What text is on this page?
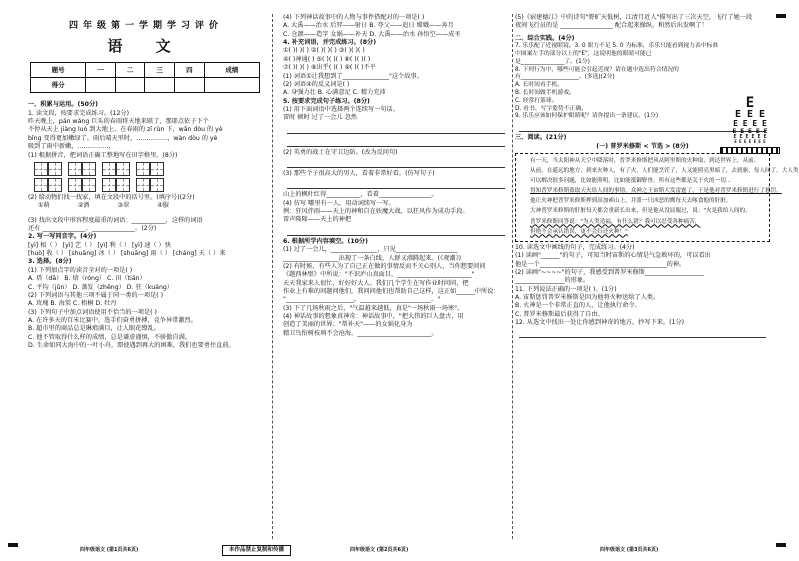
四年级第一学期学习评价
语 文
题号	一	二	三	四	成绩
得分					
一、积累与运用。(50分)
1. 读文段，按要求完成练习。(12分)
昨天晚上，pán wáng 巨头的春雨将天地来联了，那耶点依子下个
不停从天上 jiàng luò 到大地上。在春雨的 zī rùn 下，wān dòu 的 yè
bǐng 变得更加嫩绿了。雨后晴天里时，……………，wàn dòu 的 yè
吸到了雨中新嫩，……………，
(1) 根据拼音，把词语正确工整地写在田字格里。(8分)
(2) 给动物们找一找家，填在文段中的括号里。(填序号)(2分)
①萌	②洒	③翠	④服
(3) 找出文段中形容程度最重的词语：___________，这样的词语
还有 ______________、______________。(2分)
2. 写一写同音字。(4分)
[yì] 相（ ） [yì] 艺（ ） [yì] 利（ ） [yì] 速（ ）快
[huò] 收（ ） [shuāng] 冰（ ） [shuāng] 雨（ ） [cháng] 天（ ）来
3. 选择。(8分)
(1) 下列加点字的读音全对的一项是( )
A. 塔（dā） B. 熔（róng） C. 田（tián）
C. 平均（jūn） D. 蒸发（zhēng） D. 狂（kuáng）
(2) 下列词语与其他三项不属于同一类的一项是( )
A. 玫瑰 B. 海棠 C. 梧桐 D. 牡丹
(3) 下列句子中加点词语使用不恰当的一项是( )
A. 在许多天的百米比赛中，选手们奋勇拼搏，竞争异常激烈。
B. 超市里的商品总是琳琅满目，让人眼花缭乱。
C. 他不管取得什么样的成绩，总是谦虚谨慎，不骄傲自满。
D. 生命如同大海中的一叶小舟，即使遇到再大的困难，我们也要勇往直前。
(4) 下列神话故事中的人物与事件搭配对的一项是( )
A. 大禹——治水 后羿——射日 B. 夸父——追日 嫦娥——奔月
C. 仓颉——造字 女娲——补天 D. 大禹——治水 孙悟空——成圣
4. 补充词语，并完成练习。(8分)
①( )( )( ) ②( )( )( ) ③( )( )( )
④( )神通( ) ⑤( )( )( ) ⑥( )( )( )
⑦( )( )( ) ⑧出乎( )( ) ⑨( )( )不平
(1) 词语①让我想到了_______________"这个故事。
(2) 词语④的反义词是( )
A. 身强力壮 B. 心满意足 C. 精力充沛
5. 按要求完成句子练习。(8分)
(1) 用下面词语中选择两个连续写一句话。
雷时 顿时 过了一会儿 忽然
(2) 英勇的战士在守卫边防。(改为反问句)
(3) 那些个子很高大的男人，看着非常好看。(仿写句子)
山上的枫叶红得___________，看着_________________。
(4) 仿写 哪里有一人，用动词续写一写。
例：狂风伴雨——天上的神和自在妖魔大战，以狂风作为成功手段。
雷声隆隆——天上的神把
6. 根据所学内容填空。(10分)
(1) 过了一会儿，_______________，只见____________________
__________________出现了一条白线，人群又沸腾起来。(《观潮》)
(2) 有时候，有些人为了自己正在做的事情反而不关心别人，当你想要问问
《题西林壁》中所说："不识庐山真面目，________________________"
天天我家来人很忙，好好好大人。我们几个学生在写作业时问问，把
作业上有难的问题问他们，我问问他们也帮助自己这样，这正如______中所说：
"______________________，_______________________。"
(3) 下了几场秋雨之后，"气温越来越低，真是"一场秋雨一场寒"。
(4) 神话故事的想象真神奇：神话故事中，"把大伟的巨人盘古，用
创造了美丽的世界；"帮补天"——的女娲化身为
精卫鸟衔树枝填不会沧海，________________________。
(5)《宿建德江》中的诗句"野旷天低树，江清月近人"描写出了三次天空，飞行了她一段
夜间飞行员的是 _________________ 配合起来操纵，和然后出发啊了！
二、综合实践。(4分)
7. 乐乐配了近视眼镜。3. 0 眼力不足 5. 0 为标准，乐乐只能看到视力表中标准
中图案左手的部分以上的"E"，这说明他的眼睛可能已
是_______________了。(1分)
8. 下列行为中，哪些可能会引起近视？请在题中选出符合情况的
有____________________。(多选)(2分)
A. 长时间看手机。
B. 长时间做手机游戏。
C. 经常打篮球。
D. 看书、写字姿势不正确。
9. 乐乐应该如何保护眼睛呢？请你提出一条建议。(1分)
三、阅读。(21分)
(一) 普罗米修斯 < 节选 > (8分)

有一天，当太阳神从天空中降落时，普罗米修斯把风从阿里斯的火种取，到达世界上，从前。

从前，在遥远的地方，到来火种人，有了火，人们能烹饪了，人又能照亮黑暗了，去到驱，每人间了，大人类

可以解决很多问题，比如能照明，比如能抵御野兽，所有这些都是关于火的一切...

得知普罗米修斯盗取天火给人间的事情，众神之王宙斯大发雷霆了，于是他对普罗米修斯进行了惩罚，

他让火神把普罗米修斯押到高加索山上，并派一只凶恶的鹰每天去啄食他的肝脏。

大神普罗米修斯的肝脏每天都会重新长出来，但是他从没屈服过，说："火是我给人间的，

普罗米修斯回答说："为人类造福，有什么错？我可以忍受各种痛苦，

但绝不会承认错误，更不会归还火种！"

10. 读选文中画线的句子，完成练习。(4分)
(1) 读画"______"的句子，可知当时宙斯的心情是气急败坏的，可以看出
他是一个_________________________________________的神。
(2) 读画"~~~~"的句子，我感受到普罗米修斯___________________
________________的形象。
11. 下列说法正确的一项是( )。(1分)
A. 宙斯惩罚普罗米修斯是因为他将火种送给了人类。
B. 火神是一个非常正直的人，让他执行命令。
C. 普罗米修斯最后获得了自由。
12. 从选文中找出一处让你感到神奇的地方，抄写下来。(1分)
E
E E E
E E E E
E E E E E
E E E E E E
E E E E E E E
四年级语文 (第1页共6页)	本作品禁止复制和传播	四年级语文 (第2页共6页)	四年级语文 (第3页共6页)
